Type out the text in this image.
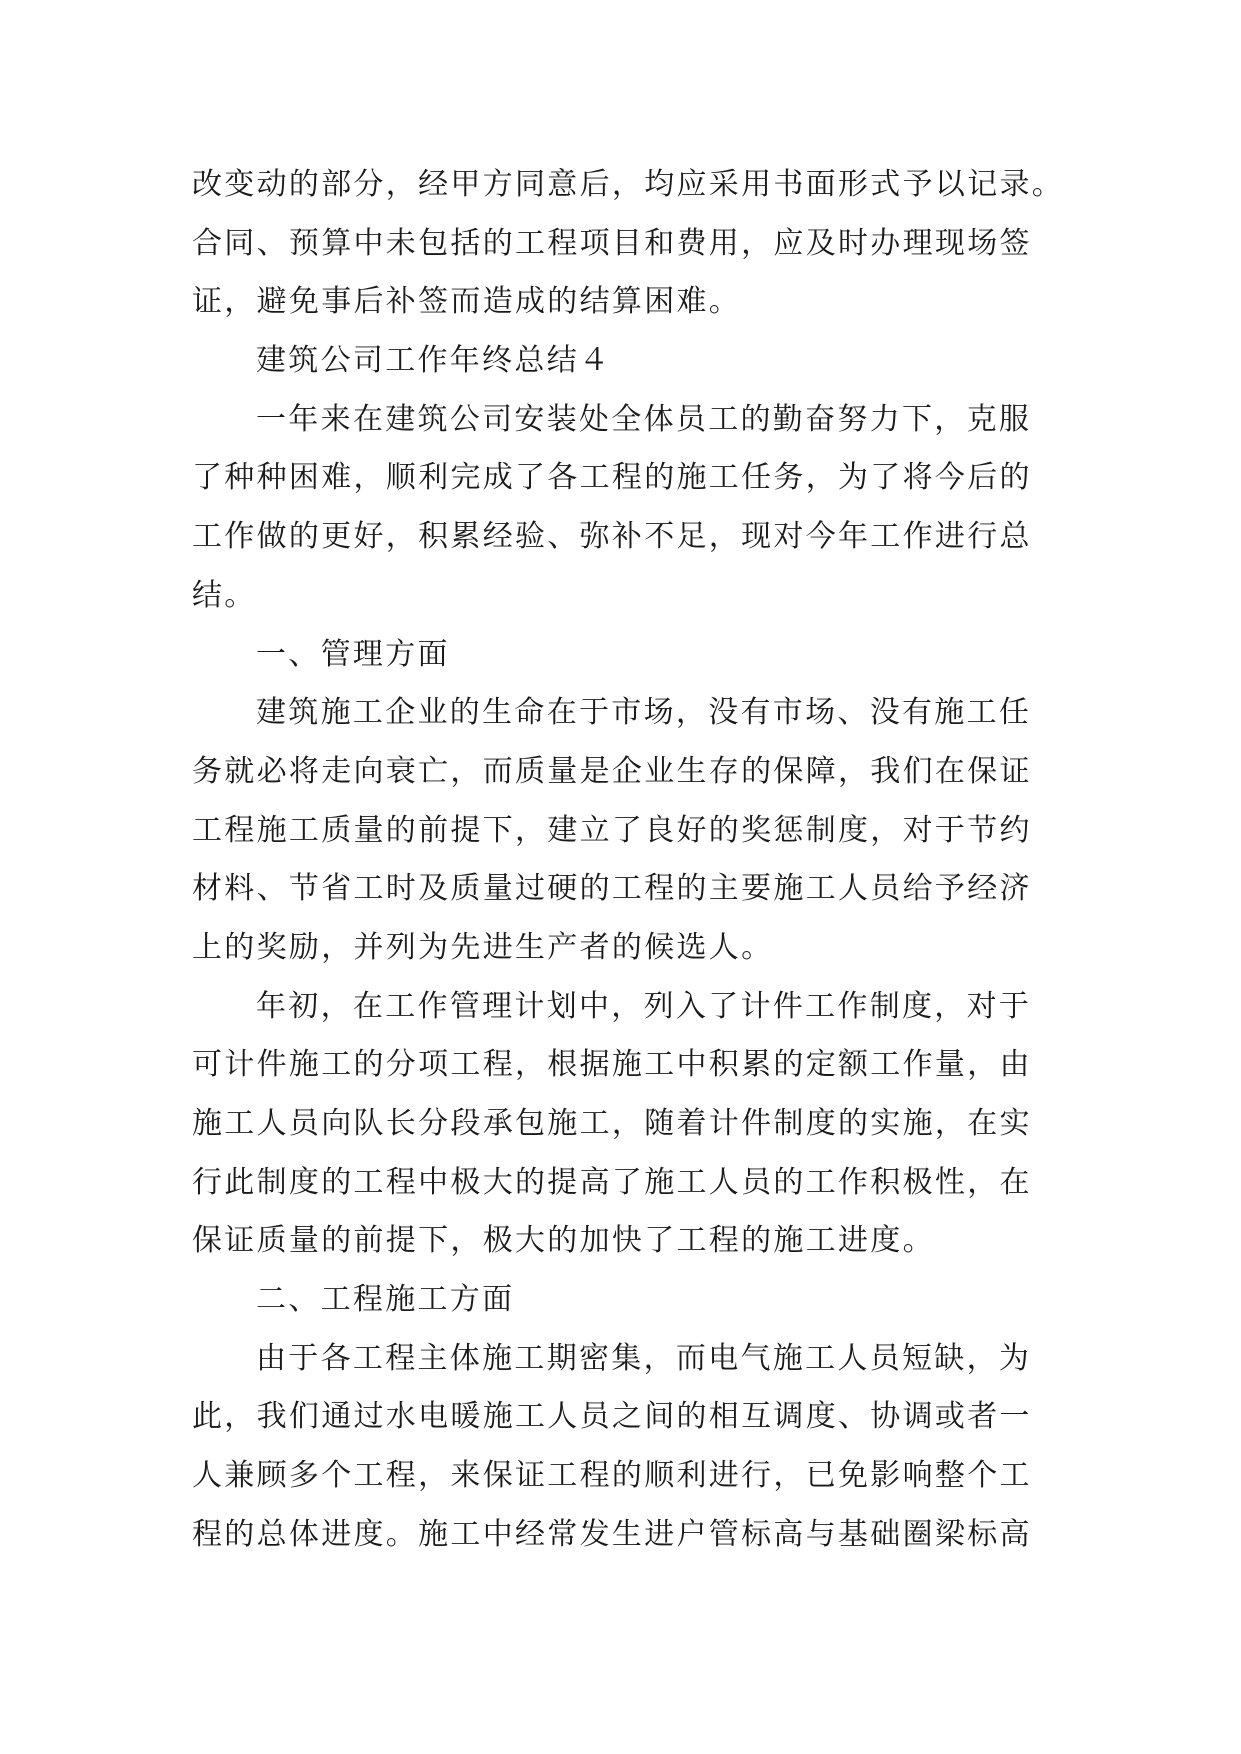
改变动的部分，经甲方同意后，均应采用书面形式予以记录。
合同、预算中未包括的工程项目和费用，应及时办理现场签
证，避免事后补签而造成的结算困难。
建筑公司工作年终总结４
一年来在建筑公司安装处全体员工的勤奋努力下，克服
了种种困难，顺利完成了各工程的施工任务，为了将今后的
工作做的更好，积累经验、弥补不足，现对今年工作进行总
结。
一、管理方面
建筑施工企业的生命在于市场，没有市场、没有施工任
务就必将走向衰亡，而质量是企业生存的保障，我们在保证
工程施工质量的前提下，建立了良好的奖惩制度，对于节约
材料、节省工时及质量过硬的工程的主要施工人员给予经济
上的奖励，并列为先进生产者的候选人。
年初，在工作管理计划中，列入了计件工作制度，对于
可计件施工的分项工程，根据施工中积累的定额工作量，由
施工人员向队长分段承包施工，随着计件制度的实施，在实
行此制度的工程中极大的提高了施工人员的工作积极性，在
保证质量的前提下，极大的加快了工程的施工进度。
二、工程施工方面
由于各工程主体施工期密集，而电气施工人员短缺，为
此，我们通过水电暖施工人员之间的相互调度、协调或者一
人兼顾多个工程，来保证工程的顺利进行，已免影响整个工
程的总体进度。施工中经常发生进户管标高与基础圈梁标高
